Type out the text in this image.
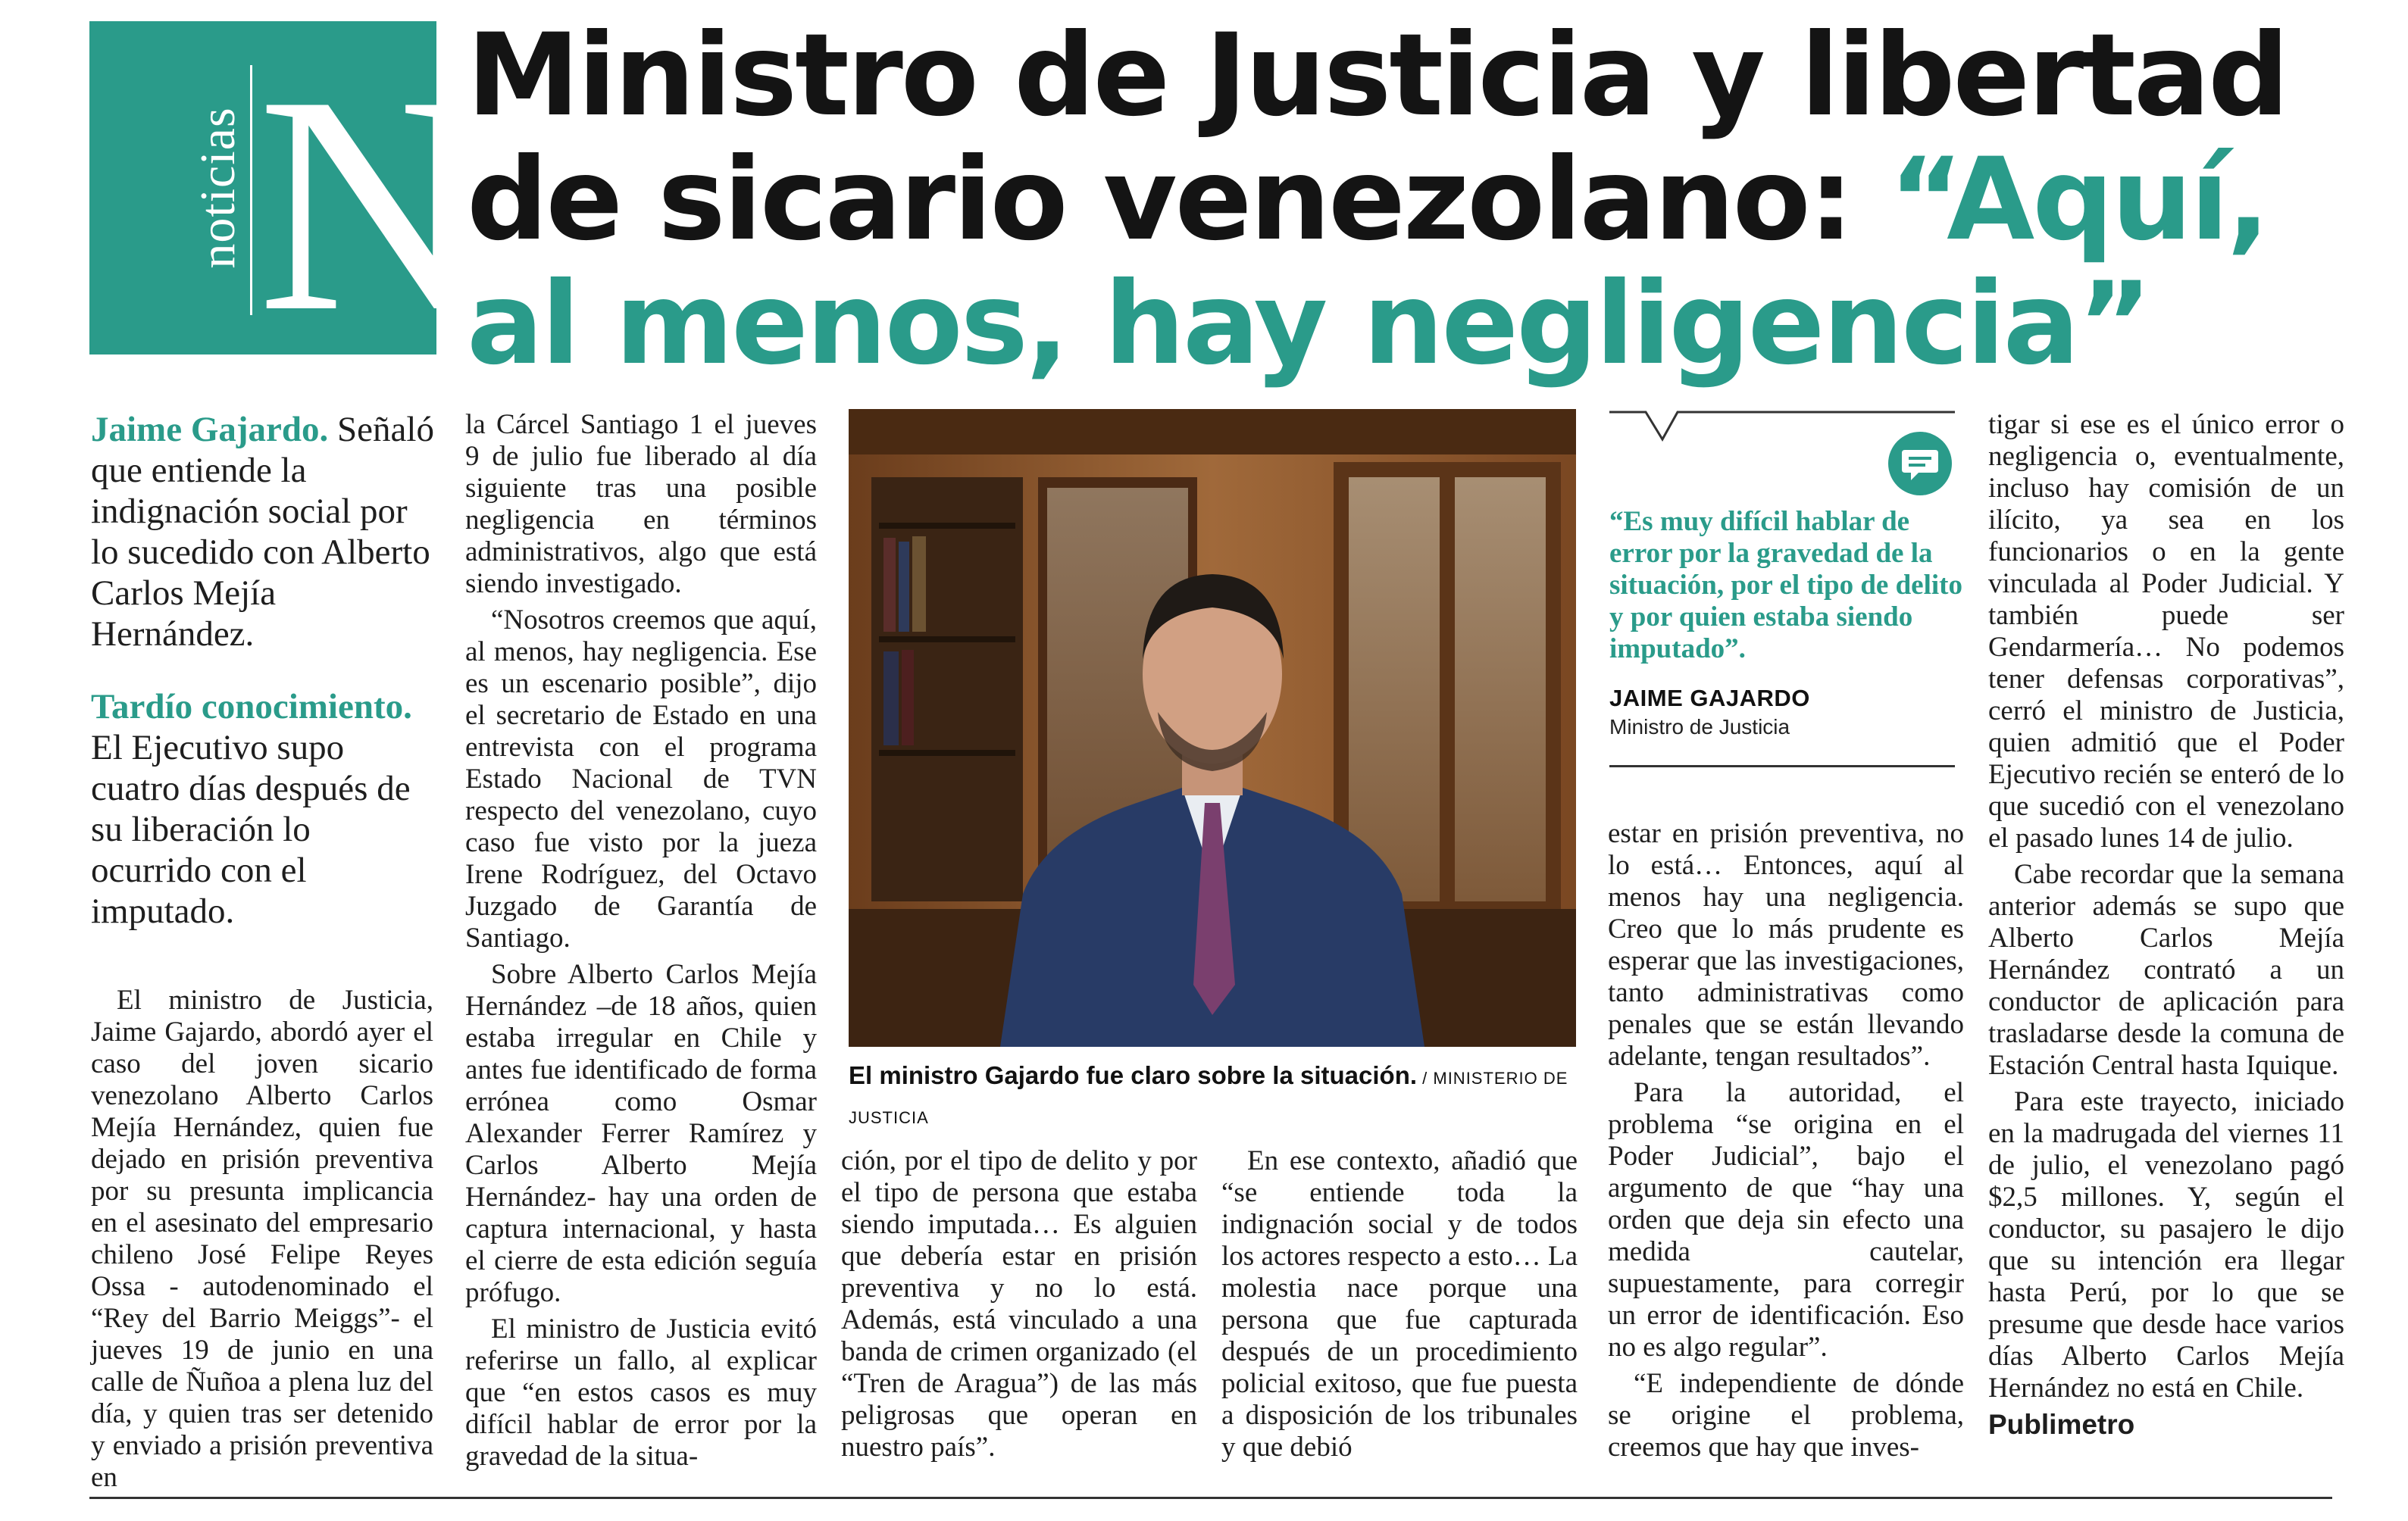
noticias N
Ministro de Justicia y libertad de sicario venezolano: “Aquí, al menos, hay negligencia”

Jaime Gajardo. Señaló que entiende la indignación social por lo sucedido con Alberto Carlos Mejía Hernández.

Tardío conocimiento. El Ejecutivo supo cuatro días después de su liberación lo ocurrido con el imputado.

El ministro de Justicia, Jaime Gajardo, abordó ayer el caso del joven sicario venezolano Alberto Carlos Mejía Hernández, quien fue dejado en prisión preventiva por su presunta implicancia en el asesinato del empresario chileno José Felipe Reyes Ossa - autodenominado el “Rey del Barrio Meiggs”- el jueves 19 de junio en una calle de Ñuñoa a plena luz del día, y quien tras ser detenido y enviado a prisión preventiva en

la Cárcel Santiago 1 el jueves 9 de julio fue liberado al día siguiente tras una posible negligencia en términos administrativos, algo que está siendo investigado.

“Nosotros creemos que aquí, al menos, hay negligencia. Ese es un escenario posible”, dijo el secretario de Estado en una entrevista con el programa Estado Nacional de TVN respecto del venezolano, cuyo caso fue visto por la jueza Irene Rodríguez, del Octavo Juzgado de Garantía de Santiago.

Sobre Alberto Carlos Mejía Hernández –de 18 años, quien estaba irregular en Chile y antes fue identificado de forma errónea como Osmar Alexander Ferrer Ramírez y Carlos Alberto Mejía Hernández- hay una orden de captura internacional, y hasta el cierre de esta edición seguía prófugo.

El ministro de Justicia evitó referirse un fallo, al explicar que “en estos casos es muy difícil hablar de error por la gravedad de la situa-

El ministro Gajardo fue claro sobre la situación. / MINISTERIO DE JUSTICIA

ción, por el tipo de delito y por el tipo de persona que estaba siendo imputada… Es alguien que debería estar en prisión preventiva y no lo está. Además, está vinculado a una banda de crimen organizado (el “Tren de Aragua”) de las más peligrosas que operan en nuestro país”.

En ese contexto, añadió que “se entiende toda la indignación social y de todos los actores respecto a esto… La molestia nace porque una persona que fue capturada después de un procedimiento policial exitoso, que fue puesta a disposición de los tribunales y que debió

“Es muy difícil hablar de error por la gravedad de la situación, por el tipo de delito y por quien estaba siendo imputado”.
JAIME GAJARDO
Ministro de Justicia

estar en prisión preventiva, no lo está… Entonces, aquí al menos hay una negligencia. Creo que lo más prudente es esperar que las investigaciones, tanto administrativas como penales que se están llevando adelante, tengan resultados”.

Para la autoridad, el problema “se origina en el Poder Judicial”, bajo el argumento de que “hay una orden que deja sin efecto una medida cautelar, supuestamente, para corregir un error de identificación. Eso no es algo regular”.

“E independiente de dónde se origine el problema, creemos que hay que inves-

tigar si ese es el único error o negligencia o, eventualmente, incluso hay comisión de un ilícito, ya sea en los funcionarios o en la gente vinculada al Poder Judicial. Y también puede ser Gendarmería… No podemos tener defensas corporativas”, cerró el ministro de Justicia, quien admitió que el Poder Ejecutivo recién se enteró de lo que sucedió con el venezolano el pasado lunes 14 de julio.

Cabe recordar que la semana anterior además se supo que Alberto Carlos Mejía Hernández contrató a un conductor de aplicación para trasladarse desde la comuna de Estación Central hasta Iquique.

Para este trayecto, iniciado en la madrugada del viernes 11 de julio, el venezolano pagó $2,5 millones. Y, según el conductor, su pasajero le dijo que su intención era llegar hasta Perú, por lo que se presume que desde hace varios días Alberto Carlos Mejía Hernández no está en Chile.

Publimetro
